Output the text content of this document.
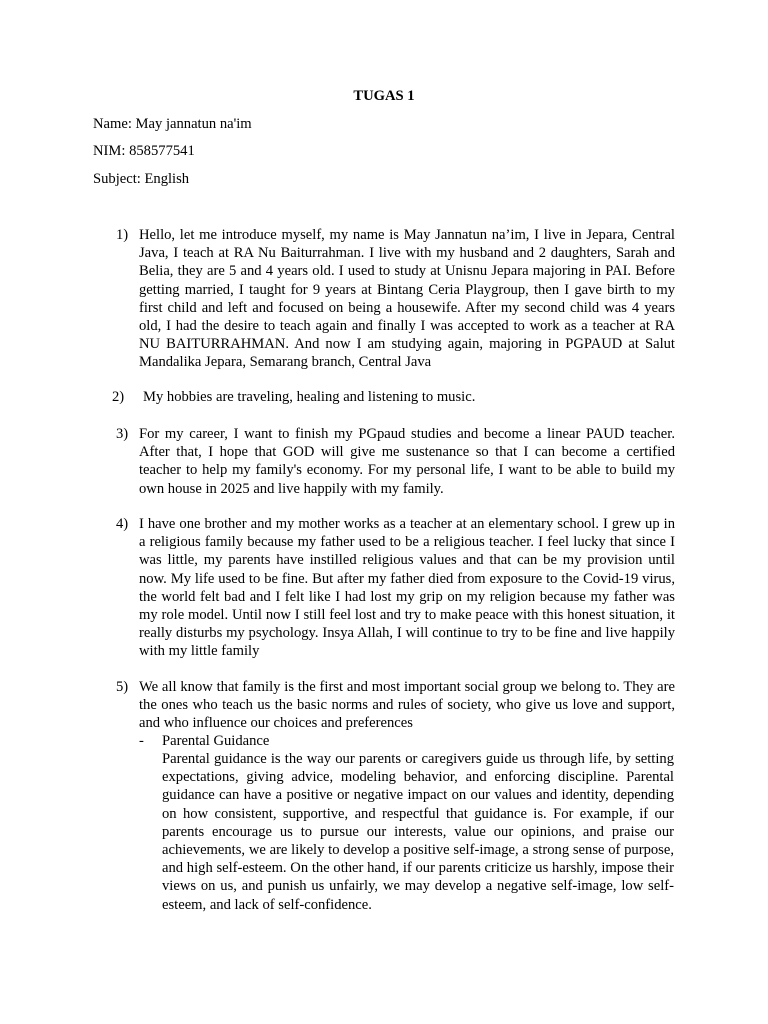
TUGAS 1
Name: May jannatun na'im
NIM: 858577541
Subject: English
1) Hello, let me introduce myself, my name is May Jannatun na’im, I live in Jepara, Central Java, I teach at RA Nu Baiturrahman. I live with my husband and 2 daughters, Sarah and Belia, they are 5 and 4 years old. I used to study at Unisnu Jepara majoring in PAI. Before getting married, I taught for 9 years at Bintang Ceria Playgroup, then I gave birth to my first child and left and focused on being a housewife. After my second child was 4 years old, I had the desire to teach again and finally I was accepted to work as a teacher at RA NU BAITURRAHMAN. And now I am studying again, majoring in PGPAUD at Salut Mandalika Jepara, Semarang branch, Central Java
2)	My hobbies are traveling, healing and listening to music.
3) For my career, I want to finish my PGpaud studies and become a linear PAUD teacher. After that, I hope that GOD will give me sustenance so that I can become a certified teacher to help my family's economy. For my personal life, I want to be able to build my own house in 2025 and live happily with my family.
4) I have one brother and my mother works as a teacher at an elementary school. I grew up in a religious family because my father used to be a religious teacher. I feel lucky that since I was little, my parents have instilled religious values and that can be my provision until now. My life used to be fine. But after my father died from exposure to the Covid-19 virus, the world felt bad and I felt like I had lost my grip on my religion because my father was my role model. Until now I still feel lost and try to make peace with this honest situation, it really disturbs my psychology. Insya Allah, I will continue to try to be fine and live happily with my little family
5) We all know that family is the first and most important social group we belong to. They are the ones who teach us the basic norms and rules of society, who give us love and support, and who influence our choices and preferences
- Parental Guidance
Parental guidance is the way our parents or caregivers guide us through life, by setting expectations, giving advice, modeling behavior, and enforcing discipline. Parental guidance can have a positive or negative impact on our values and identity, depending on how consistent, supportive, and respectful that guidance is. For example, if our parents encourage us to pursue our interests, value our opinions, and praise our achievements, we are likely to develop a positive self-image, a strong sense of purpose, and high self-esteem. On the other hand, if our parents criticize us harshly, impose their views on us, and punish us unfairly, we may develop a negative self-image, low self-esteem, and lack of self-confidence.
